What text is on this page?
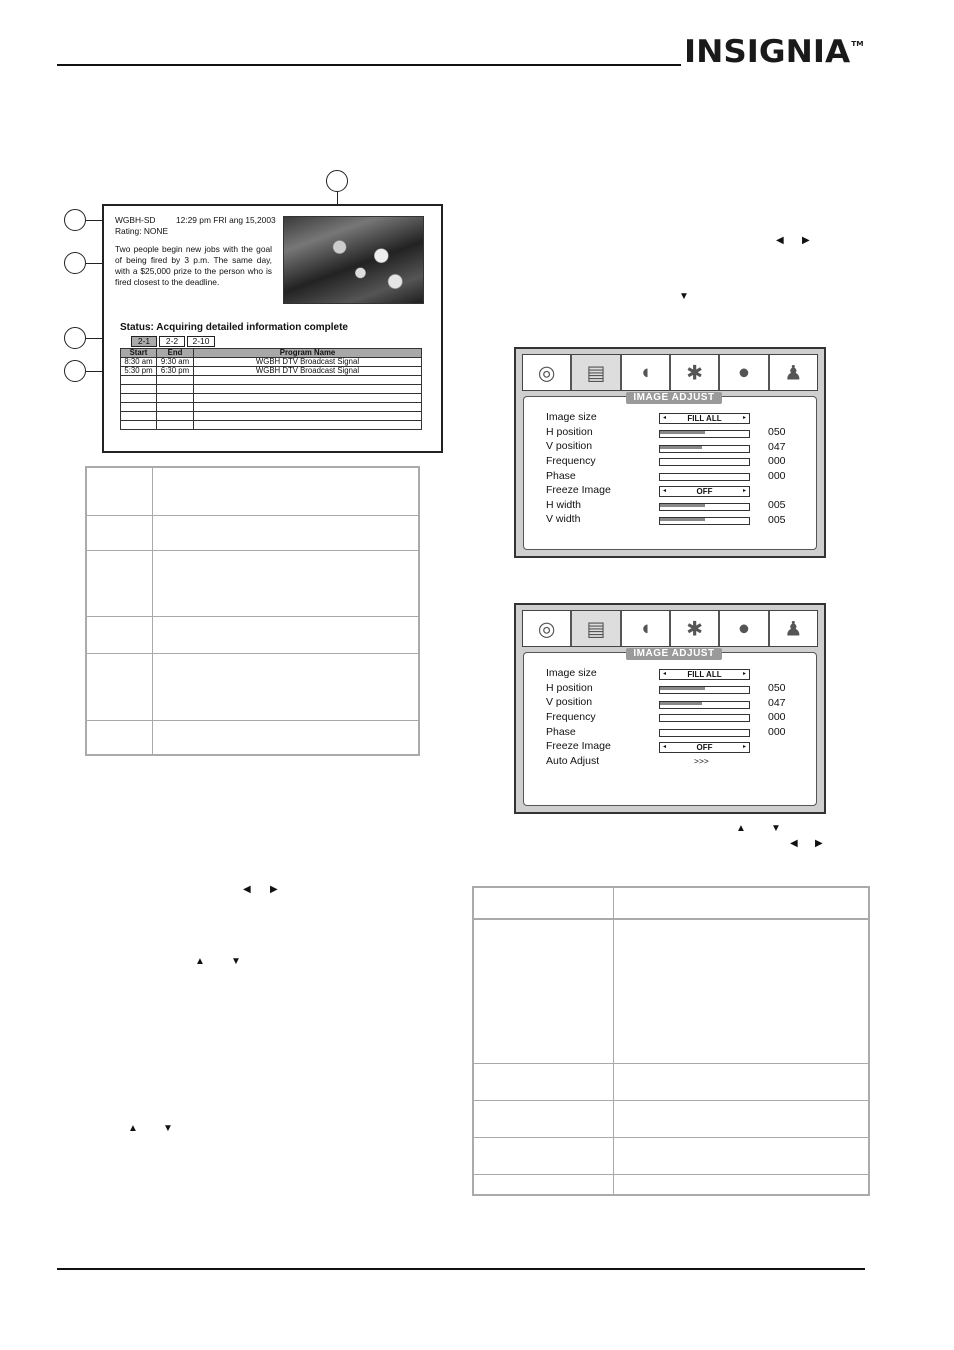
INSIGNIA™
WGBH-SD 12:29 pm FRI ang 15,2003
Rating: NONE
Two people begin new jobs with the goal of being fired by 3 p.m. The same day, with a $25,000 prize to the person who is fired closest to the deadline.
Status: Acquiring detailed information complete
2-1	2-2	2-10
Start	End	Program Name
8:30 am	9:30 am	WGBH DTV Broadcast Signal
5:30 pm	6:30 pm	WGBH DTV Broadcast Signal

			◎ ▤ ◖ ✱ ● ♟
IMAGE ADJUST
Image size	◂	FILL ALL	▸
H position	050
V position	047
Frequency	000
Phase	000
Freeze Image	◂	OFF	▸
H width	005
V width	005
◎ ▤ ◖ ✱ ● ♟
IMAGE ADJUST
Image size	◂	FILL ALL	▸
H position	050
V position	047
Frequency	000
Phase	000
Freeze Image	◂	OFF	▸
Auto Adjust	>>>
◀ ▶
▼
▲	▼
◀ ▶
◀ ▶
▲	▼
▲	▼
